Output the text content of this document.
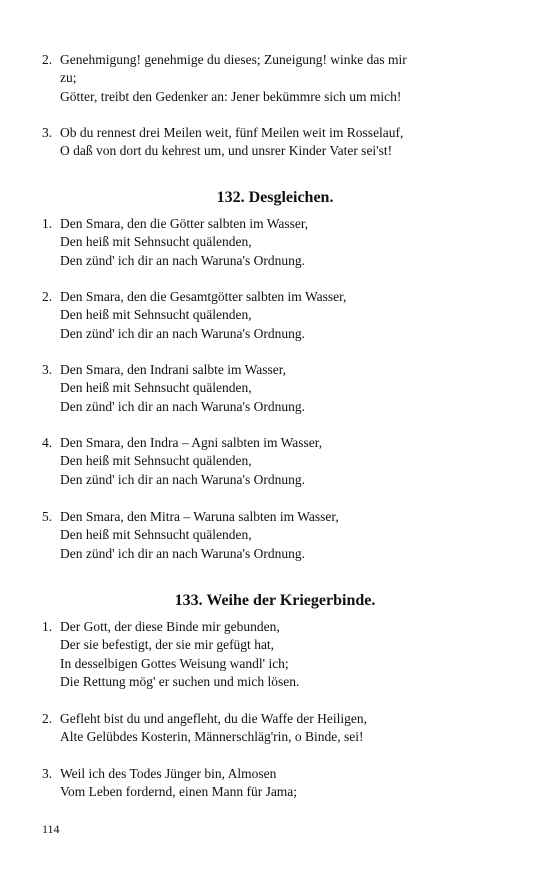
2. Genehmigung! genehmige du dieses; Zuneigung! winke das mir
zu;
Götter, treibt den Gedenker an: Jener bekümmre sich um mich!
3. Ob du rennest drei Meilen weit, fünf Meilen weit im Rosselauf,
O daß von dort du kehrest um, und unsrer Kinder Vater sei'st!
132. Desgleichen.
1. Den Smara, den die Götter salbten im Wasser,
Den heiß mit Sehnsucht quälenden,
Den zünd' ich dir an nach Waruna's Ordnung.
2. Den Smara, den die Gesamtgötter salbten im Wasser,
Den heiß mit Sehnsucht quälenden,
Den zünd' ich dir an nach Waruna's Ordnung.
3. Den Smara, den Indrani salbte im Wasser,
Den heiß mit Sehnsucht quälenden,
Den zünd' ich dir an nach Waruna's Ordnung.
4. Den Smara, den Indra – Agni salbten im Wasser,
Den heiß mit Sehnsucht quälenden,
Den zünd' ich dir an nach Waruna's Ordnung.
5. Den Smara, den Mitra – Waruna salbten im Wasser,
Den heiß mit Sehnsucht quälenden,
Den zünd' ich dir an nach Waruna's Ordnung.
133. Weihe der Kriegerbinde.
1. Der Gott, der diese Binde mir gebunden,
Der sie befestigt, der sie mir gefügt hat,
In desselbigen Gottes Weisung wandl' ich;
Die Rettung mög' er suchen und mich lösen.
2. Gefleht bist du und angefleht, du die Waffe der Heiligen,
Alte Gelübdes Kosterin, Männerschläg'rin, o Binde, sei!
3. Weil ich des Todes Jünger bin, Almosen
Vom Leben fordernd, einen Mann für Jama;
114
